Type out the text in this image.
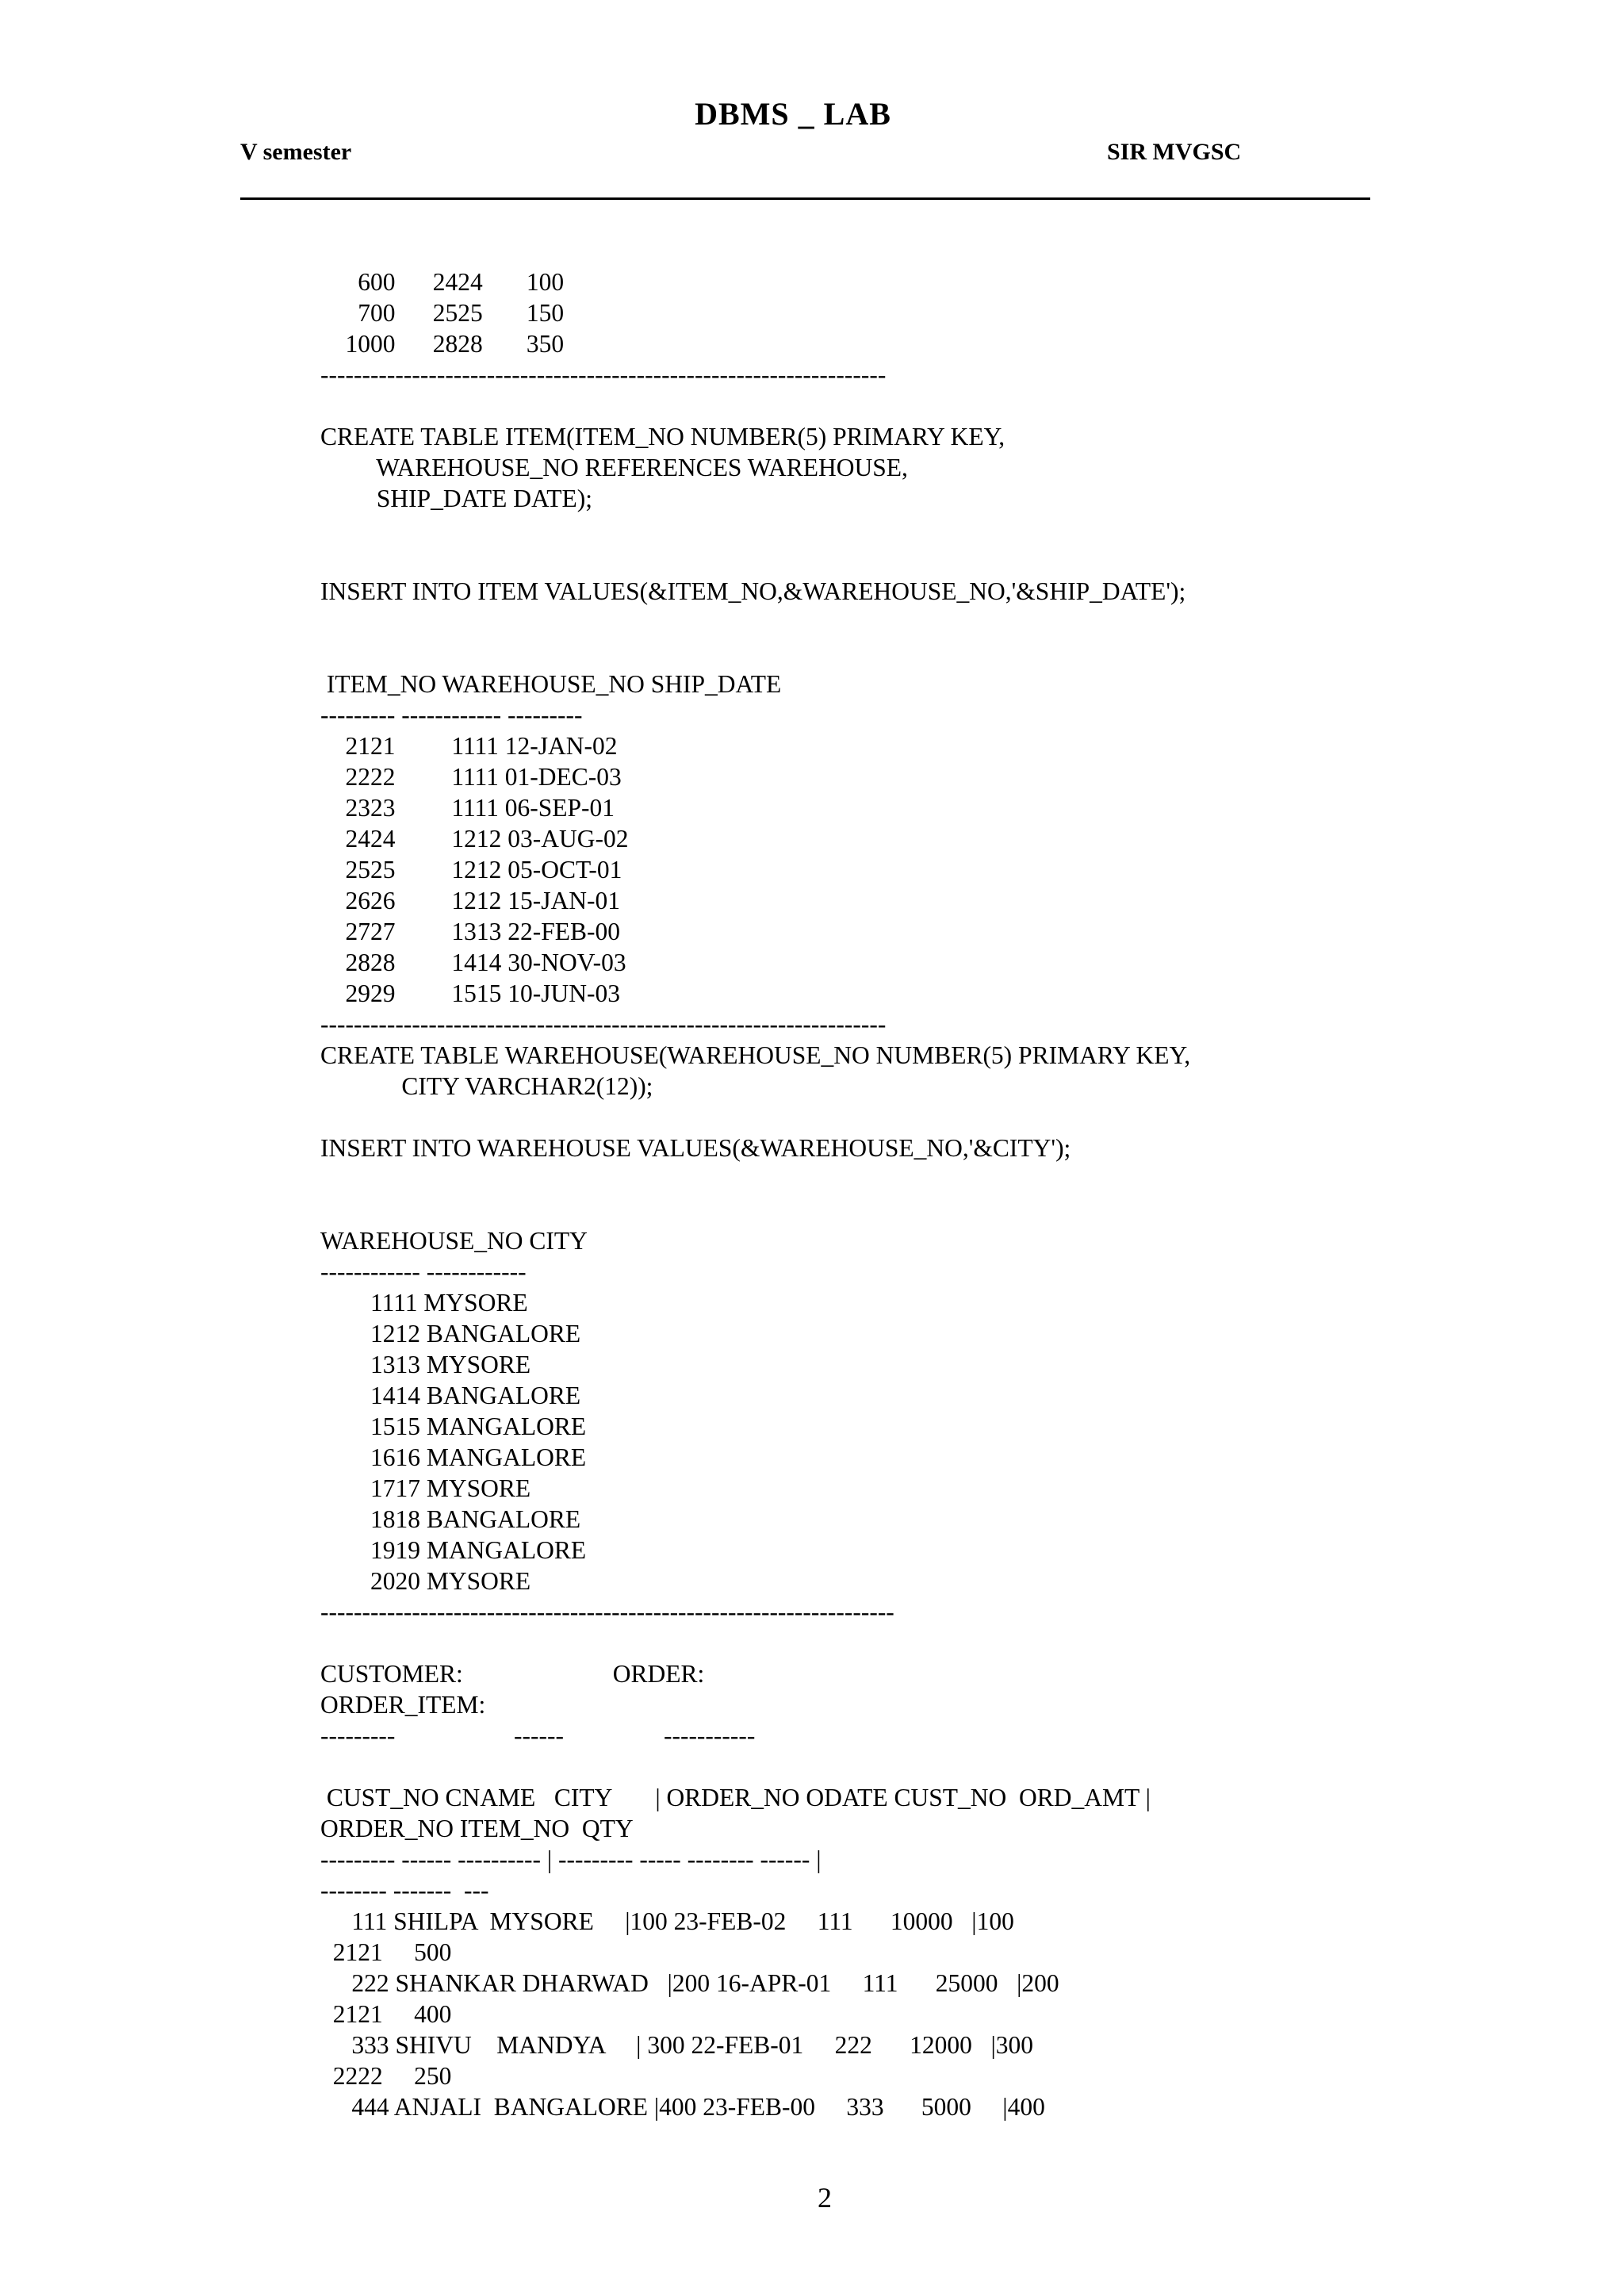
DBMS _ LAB
V semester	SIR MVGSC
600      2424       100
700      2525       150
1000      2828       350
--------------------------------------------------------------------
CREATE TABLE ITEM(ITEM_NO NUMBER(5) PRIMARY KEY,
WAREHOUSE_NO REFERENCES WAREHOUSE,
SHIP_DATE DATE);
INSERT INTO ITEM VALUES(&ITEM_NO,&WAREHOUSE_NO,'&SHIP_DATE');
ITEM_NO WAREHOUSE_NO SHIP_DATE
--------- ------------ ---------
2121         1111 12-JAN-02
2222         1111 01-DEC-03
2323         1111 06-SEP-01
2424         1212 03-AUG-02
2525         1212 05-OCT-01
2626         1212 15-JAN-01
2727         1313 22-FEB-00
2828         1414 30-NOV-03
2929         1515 10-JUN-03
--------------------------------------------------------------------
CREATE TABLE WAREHOUSE(WAREHOUSE_NO NUMBER(5) PRIMARY KEY,
CITY VARCHAR2(12));
INSERT INTO WAREHOUSE VALUES(&WAREHOUSE_NO,'&CITY');
WAREHOUSE_NO CITY
------------ ------------
1111 MYSORE
1212 BANGALORE
1313 MYSORE
1414 BANGALORE
1515 MANGALORE
1616 MANGALORE
1717 MYSORE
1818 BANGALORE
1919 MANGALORE
2020 MYSORE
---------------------------------------------------------------------
CUSTOMER:                        ORDER:
ORDER_ITEM:
---------                   ------                -----------
CUST_NO CNAME   CITY       | ORDER_NO ODATE CUST_NO  ORD_AMT |
ORDER_NO ITEM_NO  QTY
--------- ------ ---------- | --------- ----- -------- ------ |
-------- -------  ---
111 SHILPA  MYSORE     |100 23-FEB-02     111      10000   |100
2121     500
222 SHANKAR DHARWAD   |200 16-APR-01     111      25000   |200
2121     400
333 SHIVU    MANDYA     | 300 22-FEB-01     222      12000   |300
2222     250
444 ANJALI  BANGALORE |400 23-FEB-00     333      5000     |400
2
